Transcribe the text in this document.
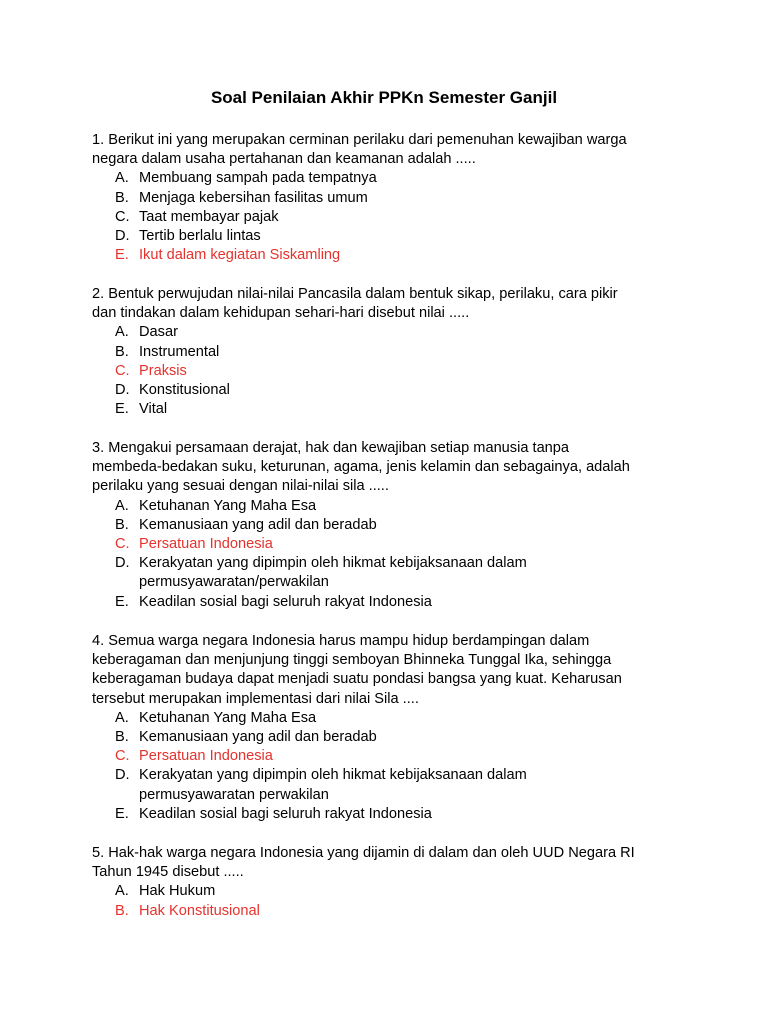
Soal Penilaian Akhir PPKn Semester Ganjil
1. Berikut ini yang merupakan cerminan perilaku dari pemenuhan kewajiban warga
negara dalam usaha pertahanan dan keamanan adalah .....
A. Membuang sampah pada tempatnya
B. Menjaga kebersihan fasilitas umum
C. Taat membayar pajak
D. Tertib berlalu lintas
E. Ikut dalam kegiatan Siskamling
2. Bentuk perwujudan nilai-nilai Pancasila dalam bentuk sikap, perilaku, cara pikir
dan tindakan dalam kehidupan sehari-hari disebut nilai .....
A. Dasar
B. Instrumental
C. Praksis
D. Konstitusional
E. Vital
3. Mengakui persamaan derajat, hak dan kewajiban setiap manusia tanpa
membeda-bedakan suku, keturunan, agama, jenis kelamin dan sebagainya, adalah
perilaku yang sesuai dengan nilai-nilai sila .....
A. Ketuhanan Yang Maha Esa
B. Kemanusiaan yang adil dan beradab
C. Persatuan Indonesia
D. Kerakyatan yang dipimpin oleh hikmat kebijaksanaan dalam
permusyawaratan/perwakilan
E. Keadilan sosial bagi seluruh rakyat Indonesia
4. Semua warga negara Indonesia harus mampu hidup berdampingan dalam
keberagaman dan menjunjung tinggi semboyan Bhinneka Tunggal Ika, sehingga
keberagaman budaya dapat menjadi suatu pondasi bangsa yang kuat. Keharusan
tersebut merupakan implementasi dari nilai Sila ....
A. Ketuhanan Yang Maha Esa
B. Kemanusiaan yang adil dan beradab
C. Persatuan Indonesia
D. Kerakyatan yang dipimpin oleh hikmat kebijaksanaan dalam
permusyawaratan perwakilan
E. Keadilan sosial bagi seluruh rakyat Indonesia
5. Hak-hak warga negara Indonesia yang dijamin di dalam dan oleh UUD Negara RI
Tahun 1945 disebut .....
A. Hak Hukum
B. Hak Konstitusional
